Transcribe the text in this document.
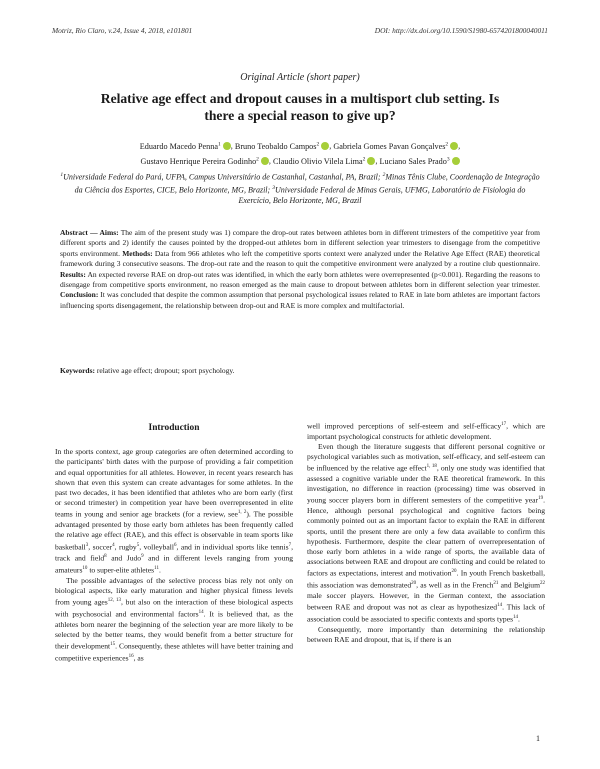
Motriz, Rio Claro, v.24, Issue 4, 2018, e101801	DOI: http://dx.doi.org/10.1590/S1980-6574201800040011
Original Article (short paper)
Relative age effect and dropout causes in a multisport club setting. Is there a special reason to give up?
Eduardo Macedo Penna$^1$ , Bruno Teobaldo Campos$^2$ , Gabriela Gomes Pavan Gonçalves$^2$ ,
Gustavo Henrique Pereira Godinho$^2$ , Claudio Olivio Vilela Lima$^2$ , Luciano Sales Prado$^3$
$^1$Universidade Federal do Pará, UFPA, Campus Universitário de Castanhal, Castanhal, PA, Brazil; $^2$Minas Tênis Clube, Coordenação de Integração da Ciência dos Esportes, CICE, Belo Horizonte, MG, Brazil; $^3$Universidade Federal de Minas Gerais, UFMG, Laboratório de Fisiologia do Exercício, Belo Horizonte, MG, Brazil

Abstract — Aims: The aim of the present study was 1) compare the drop-out rates between athletes born in different trimesters of the competitive year from different sports and 2) identify the causes pointed by the dropped-out athletes born in different selection year trimesters to disengage from the competitive sports environment. Methods: Data from 966 athletes who left the competitive sports context were analyzed under the Relative Age Effect (RAE) theoretical framework during 3 consecutive seasons. The drop-out rate and the reason to quit the competitive environment were analyzed by a routine club questionnaire. Results: An expected reverse RAE on drop-out rates was identified, in which the early born athletes were overrepresented (p<0.001). Regarding the reasons to disengage from competitive sports environment, no reason emerged as the main cause to dropout between athletes born in different selection year trimester. Conclusion: It was concluded that despite the common assumption that personal psychological issues related to RAE in late born athletes are important factors influencing sports disengagement, the relationship between drop-out and RAE is more complex and multifactorial.

Keywords: relative age effect; dropout; sport psychology.

Introduction

In the sports context, age group categories are often determined according to the participants' birth dates with the purpose of providing a fair competition and equal opportunities for all athletes. However, in recent years research has shown that even this system can create advantages for some athletes. In the past two decades, it has been identified that athletes who are born early (first or second trimester) in competition year have been overrepresented in elite teams in young and senior age brackets (for a review, see$^{1, 2}$). The possible advantaged presented by those early born athletes has been frequently called the relative age effect (RAE), and this effect is observable in team sports like basketball$^3$, soccer$^4$, rugby$^5$, volleyball$^6$, and in individual sports like tennis$^7$, track and field$^8$ and Judo$^9$ and in different levels ranging from young amateurs$^{10}$ to super-elite athletes$^{11}$.

The possible advantages of the selective process bias rely not only on biological aspects, like early maturation and higher physical fitness levels from young ages$^{12, 13}$, but also on the interaction of these biological aspects with psychosocial and environmental factors$^{14}$. It is believed that, as the athletes born nearer the beginning of the selection year are more likely to be selected by the better teams, they would benefit from a better structure for their development$^{15}$. Consequently, these athletes will have better training and competitive experiences$^{16}$, as

well improved perceptions of self-esteem and self-efficacy$^{17}$, which are important psychological constructs for athletic development.

Even though the literature suggests that different personal cognitive or psychological variables such as motivation, self-efficacy, and self-esteem can be influenced by the relative age effect$^{1, 18}$, only one study was identified that assessed a cognitive variable under the RAE theoretical framework. In this investigation, no difference in reaction (processing) time was observed in young soccer players born in different semesters of the competitive year$^{19}$. Hence, although personal psychological and cognitive factors being commonly pointed out as an important factor to explain the RAE in different sports, until the present there are only a few data available to confirm this hypothesis. Furthermore, despite the clear pattern of overrepresentation of those early born athletes in a wide range of sports, the available data of associations between RAE and dropout are conflicting and could be related to factors as expectations, interest and motivation$^{20}$. In youth French basketball, this association was demonstrated$^{20}$, as well as in the French$^{21}$ and Belgium$^{22}$ male soccer players. However, in the German context, the association between RAE and dropout was not as clear as hypothesized$^{14}$. This lack of association could be associated to specific contexts and sports types$^{14}$.

Consequently, more importantly than determining the relationship between RAE and dropout, that is, if there is an

1
